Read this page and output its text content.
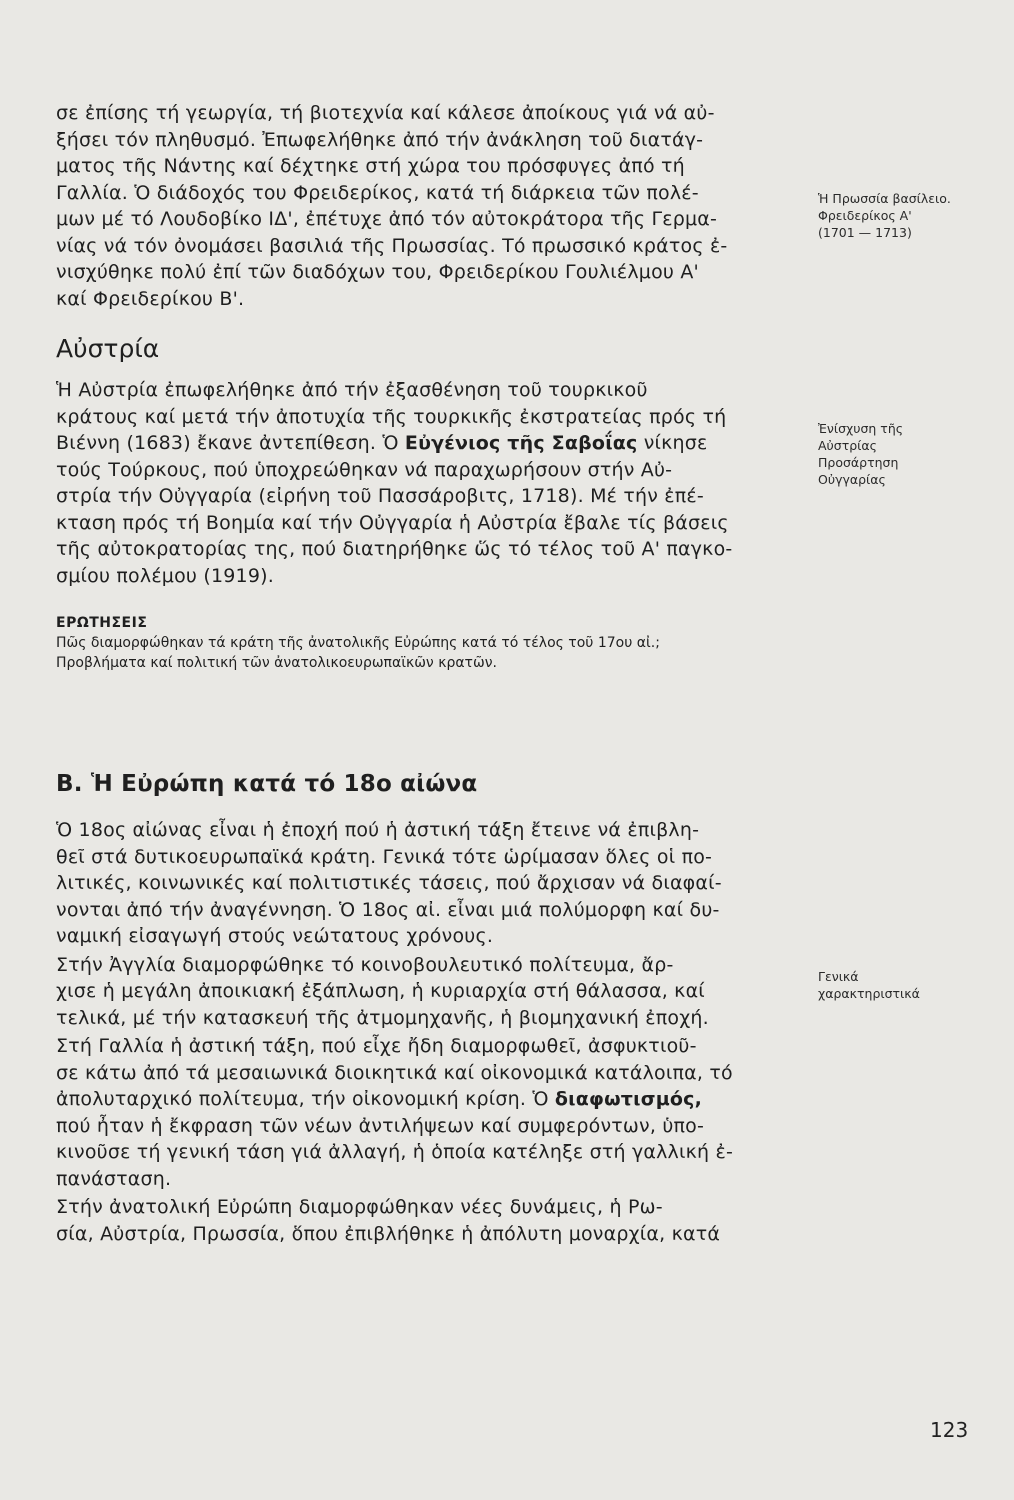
σε ἐπίσης τή γεωργία, τή βιοτεχνία καί κάλεσε ἀποίκους γιά νά αὐ-
ξήσει τόν πληθυσμό. Ἐπωφελήθηκε ἀπό τήν ἀνάκληση τοῦ διατάγ-
ματος τῆς Νάντης καί δέχτηκε στή χώρα του πρόσφυγες ἀπό τή
Γαλλία. Ὁ διάδοχός του Φρειδερίκος, κατά τή διάρκεια τῶν πολέ-
μων μέ τό Λουδοβίκο ΙΔ', ἐπέτυχε ἀπό τόν αὐτοκράτορα τῆς Γερμα-
νίας νά τόν ὀνομάσει βασιλιά τῆς Πρωσσίας. Τό πρωσσικό κράτος ἐ-
νισχύθηκε πολύ ἐπί τῶν διαδόχων του, Φρειδερίκου Γουλιέλμου Α'
καί Φρειδερίκου Β'.

Αὐστρία

Ἡ Αὐστρία ἐπωφελήθηκε ἀπό τήν ἐξασθένηση τοῦ τουρκικοῦ
κράτους καί μετά τήν ἀποτυχία τῆς τουρκικῆς ἐκστρατείας πρός τή
Βιέννη (1683) ἔκανε ἀντεπίθεση. Ὁ Εὐγένιος τῆς Σαβοΐας νίκησε
τούς Τούρκους, πού ὑποχρεώθηκαν νά παραχωρήσουν στήν Αὐ-
στρία τήν Οὐγγαρία (εἰρήνη τοῦ Πασσάροβιτς, 1718). Μέ τήν ἐπέ-
κταση πρός τή Βοημία καί τήν Οὐγγαρία ἡ Αὐστρία ἔβαλε τίς βάσεις
τῆς αὐτοκρατορίας της, πού διατηρήθηκε ὥς τό τέλος τοῦ Α' παγκο-
σμίου πολέμου (1919).

ΕΡΩΤΗΣΕΙΣ

Πῶς διαμορφώθηκαν τά κράτη τῆς ἀνατολικῆς Εὐρώπης κατά τό τέλος τοῦ 17ου αἰ.;
Προβλήματα καί πολιτική τῶν ἀνατολικοευρωπαϊκῶν κρατῶν.

Β. Ἡ Εὐρώπη κατά τό 18ο αἰώνα

Ὁ 18ος αἰώνας εἶναι ἡ ἐποχή πού ἡ ἀστική τάξη ἔτεινε νά ἐπιβλη-
θεῖ στά δυτικοευρωπαϊκά κράτη. Γενικά τότε ὡρίμασαν ὅλες οἱ πο-
λιτικές, κοινωνικές καί πολιτιστικές τάσεις, πού ἄρχισαν νά διαφαί-
νονται ἀπό τήν ἀναγέννηση. Ὁ 18ος αἰ. εἶναι μιά πολύμορφη καί δυ-
ναμική εἰσαγωγή στούς νεώτατους χρόνους.

Στήν Ἀγγλία διαμορφώθηκε τό κοινοβουλευτικό πολίτευμα, ἄρ-
χισε ἡ μεγάλη ἀποικιακή ἐξάπλωση, ἡ κυριαρχία στή θάλασσα, καί
τελικά, μέ τήν κατασκευή τῆς ἀτμομηχανῆς, ἡ βιομηχανική ἐποχή.

Στή Γαλλία ἡ ἀστική τάξη, πού εἶχε ἤδη διαμορφωθεῖ, ἀσφυκτιοῦ-
σε κάτω ἀπό τά μεσαιωνικά διοικητικά καί οἰκονομικά κατάλοιπα, τό
ἀπολυταρχικό πολίτευμα, τήν οἰκονομική κρίση. Ὁ διαφωτισμός,
πού ἦταν ἡ ἔκφραση τῶν νέων ἀντιλήψεων καί συμφερόντων, ὑπο-
κινοῦσε τή γενική τάση γιά ἀλλαγή, ἡ ὁποία κατέληξε στή γαλλική ἐ-
πανάσταση.

Στήν ἀνατολική Εὐρώπη διαμορφώθηκαν νέες δυνάμεις, ἡ Ρω-
σία, Αὐστρία, Πρωσσία, ὅπου ἐπιβλήθηκε ἡ ἀπόλυτη μοναρχία, κατά

Ἡ Πρωσσία βασίλειο.
Φρειδερίκος Α'
(1701 — 1713)

Ἐνίσχυση τῆς
Αὐστρίας
Προσάρτηση
Οὐγγαρίας

Γενικά
χαρακτηριστικά

123
